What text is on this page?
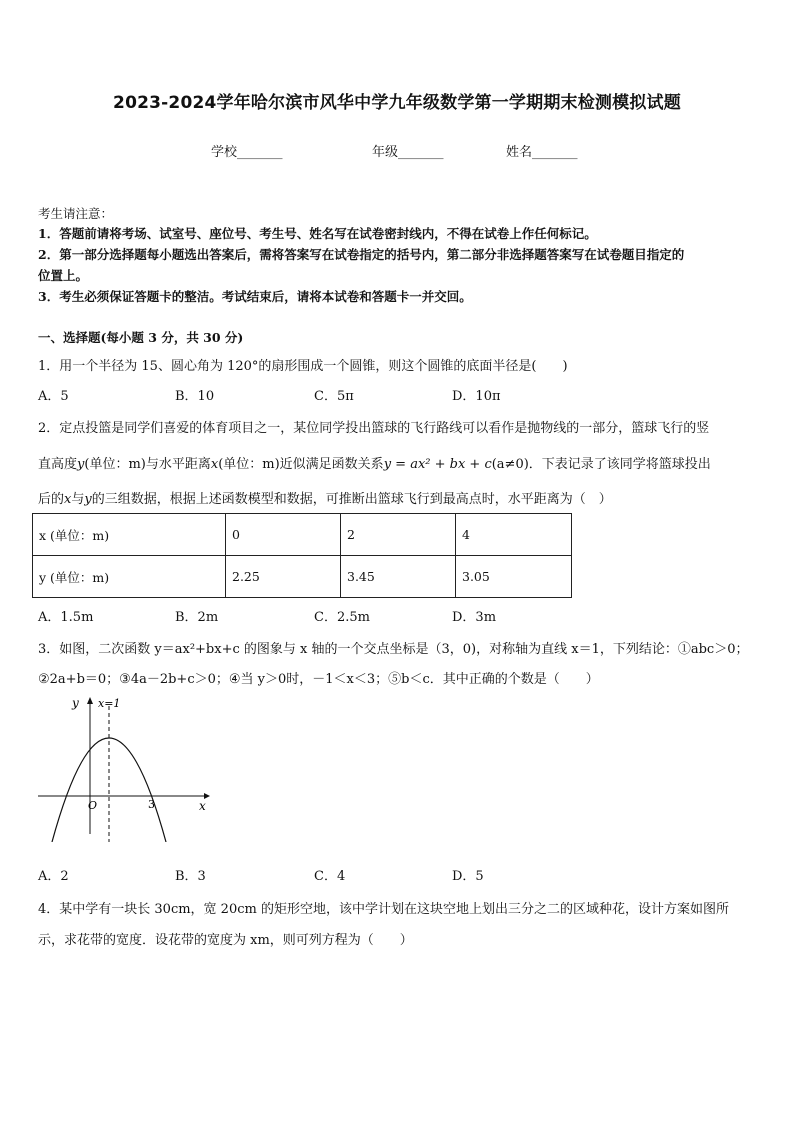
2023-2024学年哈尔滨市风华中学九年级数学第一学期期末检测模拟试题
学校_______	年级_______	姓名_______
考生请注意：
1．答题前请将考场、试室号、座位号、考生号、姓名写在试卷密封线内，不得在试卷上作任何标记。
2．第一部分选择题每小题选出答案后，需将答案写在试卷指定的括号内，第二部分非选择题答案写在试卷题目指定的
位置上。
3．考生必须保证答题卡的整洁。考试结束后，请将本试卷和答题卡一并交回。
一、选择题(每小题 3 分，共 30 分)
1．用一个半径为 15、圆心角为 120°的扇形围成一个圆锥，则这个圆锥的底面半径是(　　)
A．5	B．10	C．5π	D．10π
2．定点投篮是同学们喜爱的体育项目之一，某位同学投出篮球的飞行路线可以看作是抛物线的一部分，篮球飞行的竖
直高度y(单位：m)与水平距离x(单位：m)近似满足函数关系y = ax² + bx + c(a≠0)．下表记录了该同学将篮球投出
后的x与y的三组数据，根据上述函数模型和数据，可推断出篮球飞行到最高点时，水平距离为（　）
x (单位：m)	0	2	4
y (单位：m)	2.25	3.45	3.05
A．1.5m	B．2m	C．2.5m	D．3m
3．如图，二次函数 y＝ax²+bx+c 的图象与 x 轴的一个交点坐标是（3，0)，对称轴为直线 x＝1，下列结论：①abc＞0；
②2a+b＝0；③4a－2b+c＞0；④当 y＞0时，－1＜x＜3；⑤b＜c．其中正确的个数是（　　）
y x=1
O	3	x
A．2	B．3	C．4	D．5
4．某中学有一块长 30cm，宽 20cm 的矩形空地，该中学计划在这块空地上划出三分之二的区域种花，设计方案如图所
示，求花带的宽度．设花带的宽度为 xm，则可列方程为（　　）
